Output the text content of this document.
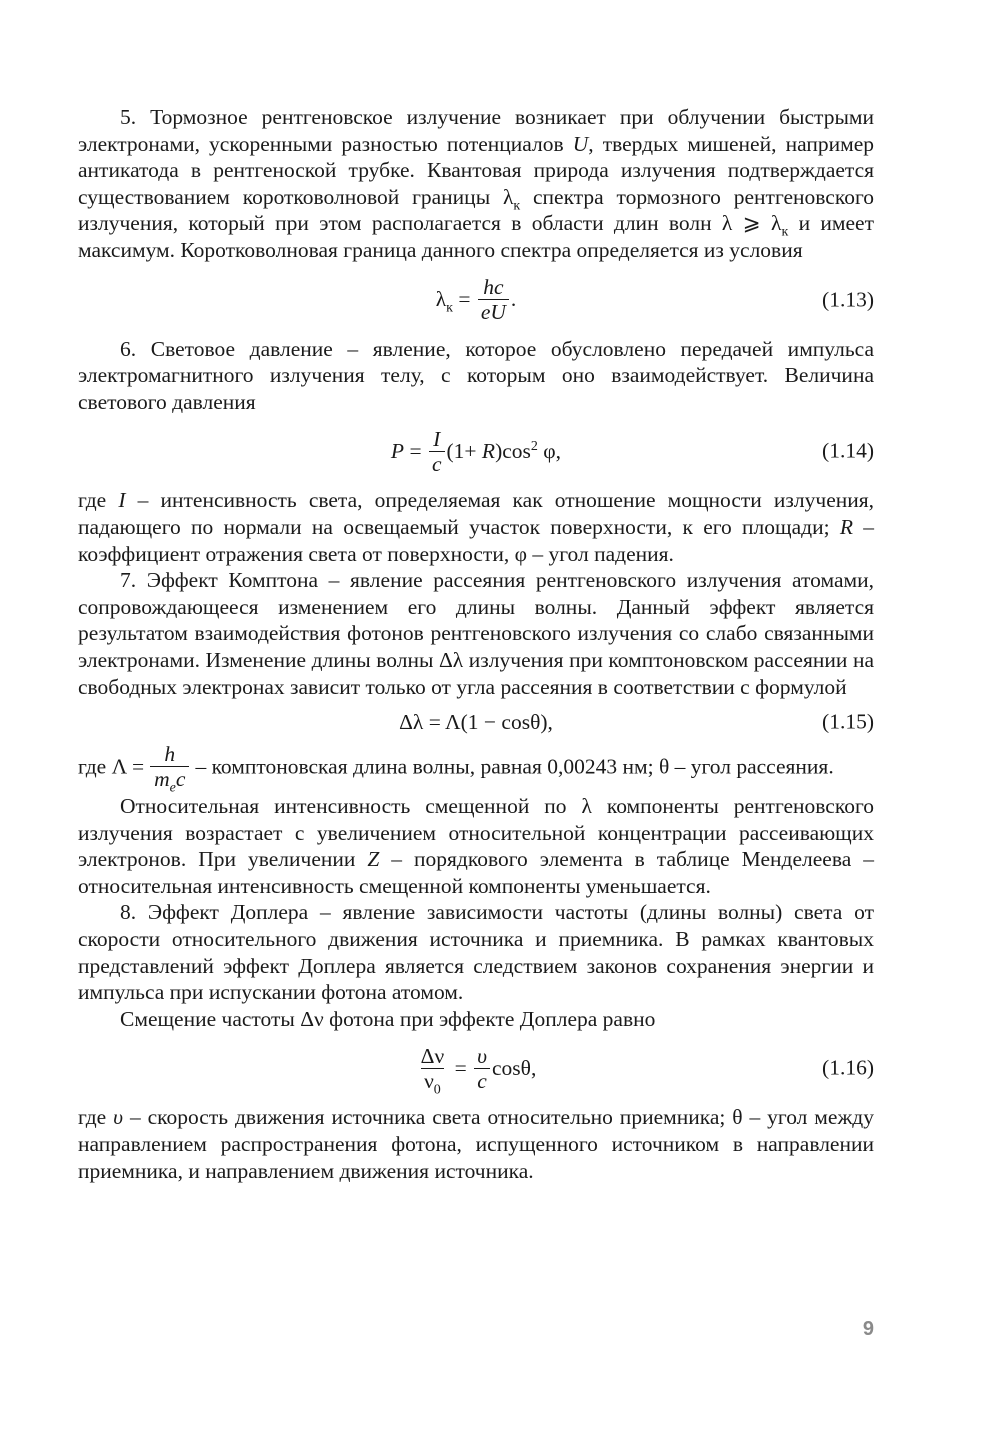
5. Тормозное рентгеновское излучение возникает при облучении быстрыми электронами, ускоренными разностью потенциалов U, твердых мишеней, например антикатода в рентгеноской трубке. Квантовая природа излучения подтверждается существованием коротковолновой границы $\lambda_к$ спектра тормозного рентгеновского излучения, который при этом располагается в области длин волн λ ⩾ $\lambda_к$ и имеет максимум. Коротковолновая граница данного спектра определяется из условия

$\lambda_к = \frac{hc}{eU}$ .	(1.13)

6. Световое давление – явление, которое обусловлено передачей импульса электромагнитного излучения телу, с которым оно взаимодействует. Величина светового давления

$P = \frac{I}{c} (1+ R)\cos^2$ φ,	(1.14)

где I – интенсивность света, определяемая как отношение мощности излучения, падающего по нормали на освещаемый участок поверхности, к его площади; R – коэффициент отражения света от поверхности, φ – угол падения.

7. Эффект Комптона – явление рассеяния рентгеновского излучения атомами, сопровождающееся изменением его длины волны. Данный эффект является результатом взаимодействия фотонов рентгеновского излучения со слабо связанными электронами. Изменение длины волны Δλ излучения при комптоновском рассеянии на свободных электронах зависит только от угла рассеяния в соответствии с формулой

Δλ = Λ(1 − cosθ),	(1.15)

где $\Lambda = \frac{h}{m_ec}$ – комптоновская длина волны, равная 0,00243 нм; θ – угол рассеяния.

Относительная интенсивность смещенной по λ компоненты рентгеновского излучения возрастает с увеличением относительной концентрации рассеивающих электронов. При увеличении Z – порядкового элемента в таблице Менделеева – относительная интенсивность смещенной компоненты уменьшается.

8. Эффект Доплера – явление зависимости частоты (длины волны) света от скорости относительного движения источника и приемника. В рамках квантовых представлений эффект Доплера является следствием законов сохранения энергии и импульса при испускании фотона атомом.

Смещение частоты Δν фотона при эффекте Доплера равно

$\frac{\Delta\nu}{\nu_0} = \frac{\upsilon}{c} \cos\theta$,	(1.16)

где υ – скорость движения источника света относительно приемника; θ – угол между направлением распространения фотона, испущенного источником в направлении приемника, и направлением движения источника.

9
